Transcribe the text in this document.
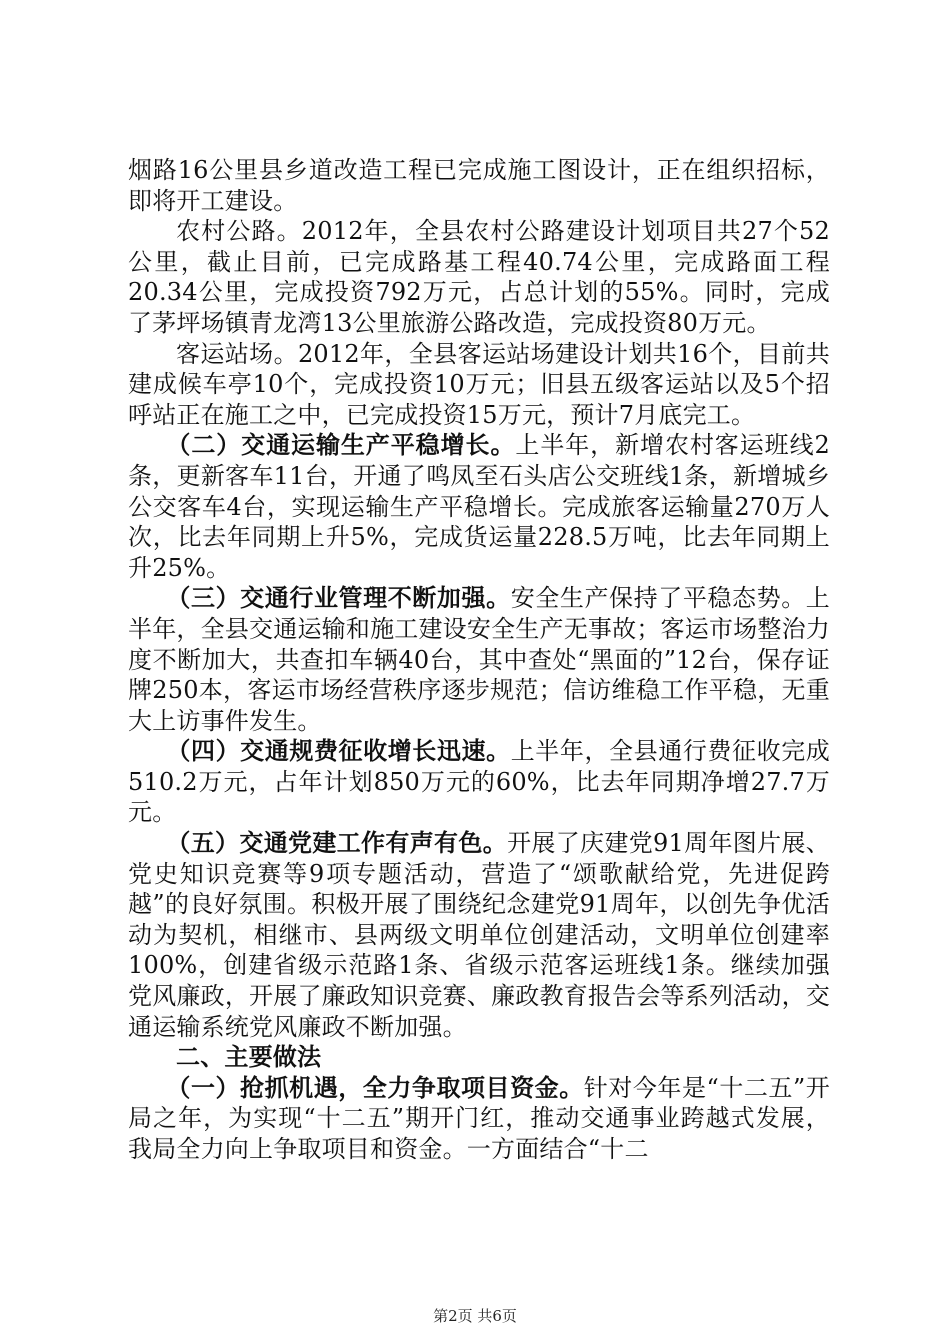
烟路16公里县乡道改造工程已完成施工图设计，正在组织招标，即将开工建设。

农村公路。2012年，全县农村公路建设计划项目共27个52公里，截止目前，已完成路基工程40.74公里，完成路面工程20.34公里，完成投资792万元，占总计划的55%。同时，完成了茅坪场镇青龙湾13公里旅游公路改造，完成投资80万元。

客运站场。2012年，全县客运站场建设计划共16个，目前共建成候车亭10个，完成投资10万元；旧县五级客运站以及5个招呼站正在施工之中，已完成投资15万元，预计7月底完工。

（二）交通运输生产平稳增长。上半年，新增农村客运班线2条，更新客车11台，开通了鸣凤至石头店公交班线1条，新增城乡公交客车4台，实现运输生产平稳增长。完成旅客运输量270万人次，比去年同期上升5%，完成货运量228.5万吨，比去年同期上升25%。

（三）交通行业管理不断加强。安全生产保持了平稳态势。上半年，全县交通运输和施工建设安全生产无事故；客运市场整治力度不断加大，共查扣车辆40台，其中查处“黑面的”12台，保存证牌250本，客运市场经营秩序逐步规范；信访维稳工作平稳，无重大上访事件发生。

（四）交通规费征收增长迅速。上半年，全县通行费征收完成510.2万元，占年计划850万元的60%，比去年同期净增27.7万元。

（五）交通党建工作有声有色。开展了庆建党91周年图片展、党史知识竞赛等9项专题活动，营造了“颂歌献给党，先进促跨越”的良好氛围。积极开展了围绕纪念建党91周年，以创先争优活动为契机，相继市、县两级文明单位创建活动，文明单位创建率100%，创建省级示范路1条、省级示范客运班线1条。继续加强党风廉政，开展了廉政知识竞赛、廉政教育报告会等系列活动，交通运输系统党风廉政不断加强。

二、主要做法

（一）抢抓机遇，全力争取项目资金。针对今年是“十二五”开局之年，为实现“十二五”期开门红，推动交通事业跨越式发展，我局全力向上争取项目和资金。一方面结合“十二

第2页 共6页
